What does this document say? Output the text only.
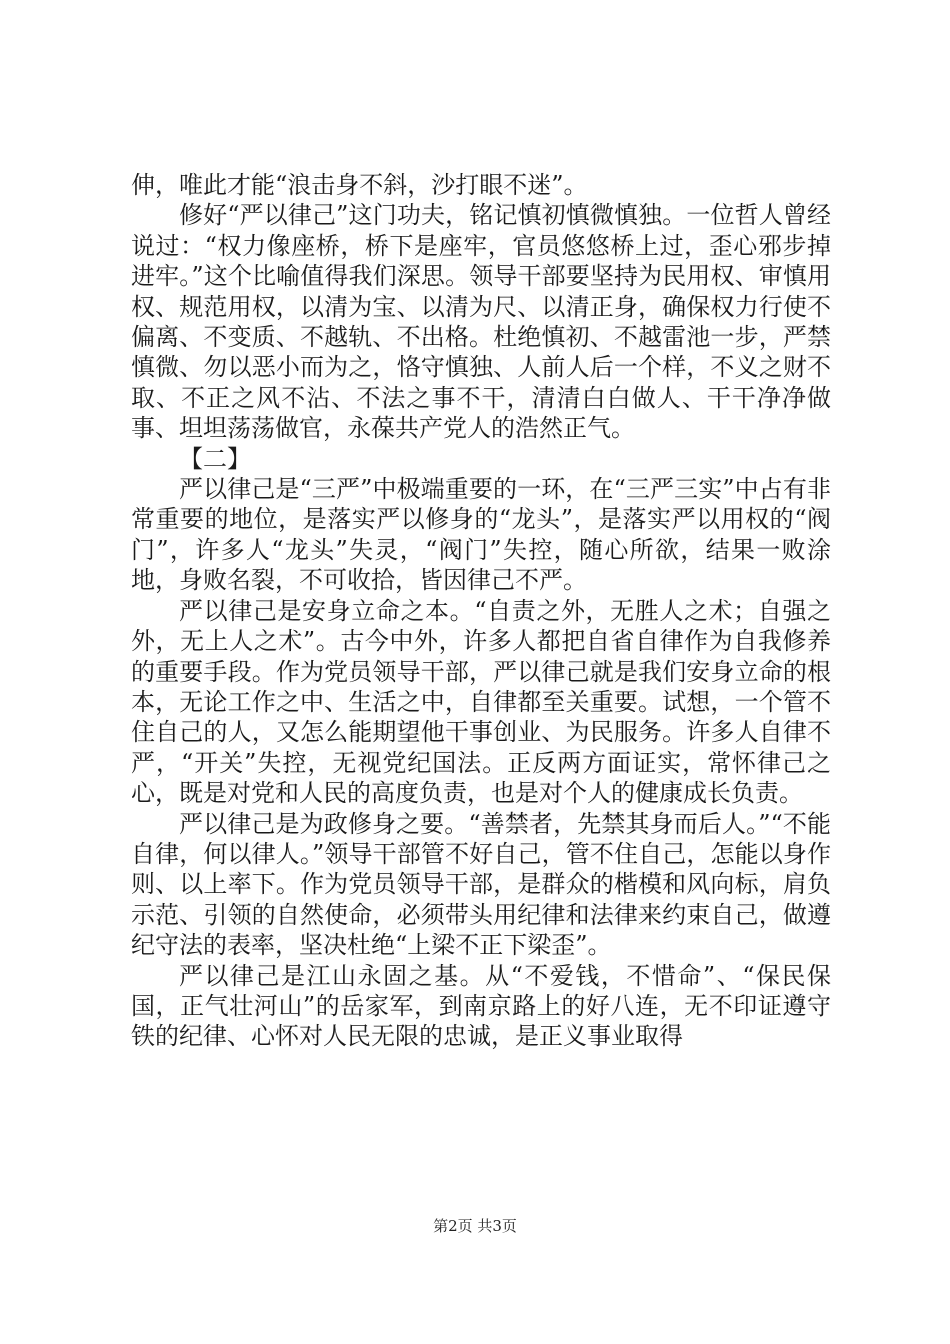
伸，唯此才能“浪击身不斜，沙打眼不迷”。

修好“严以律己”这门功夫，铭记慎初慎微慎独。一位哲人曾经说过：“权力像座桥，桥下是座牢，官员悠悠桥上过，歪心邪步掉进牢。”这个比喻值得我们深思。领导干部要坚持为民用权、审慎用权、规范用权，以清为宝、以清为尺、以清正身，确保权力行使不偏离、不变质、不越轨、不出格。杜绝慎初、不越雷池一步，严禁慎微、勿以恶小而为之，恪守慎独、人前人后一个样，不义之财不取、不正之风不沾、不法之事不干，清清白白做人、干干净净做事、坦坦荡荡做官，永葆共产党人的浩然正气。

【二】

严以律己是“三严”中极端重要的一环，在“三严三实”中占有非常重要的地位，是落实严以修身的“龙头”，是落实严以用权的“阀门”，许多人“龙头”失灵，“阀门”失控，随心所欲，结果一败涂地，身败名裂，不可收拾，皆因律己不严。

严以律己是安身立命之本。“自责之外，无胜人之术；自强之外，无上人之术”。古今中外，许多人都把自省自律作为自我修养的重要手段。作为党员领导干部，严以律己就是我们安身立命的根本，无论工作之中、生活之中，自律都至关重要。试想，一个管不住自己的人，又怎么能期望他干事创业、为民服务。许多人自律不严，“开关”失控，无视党纪国法。正反两方面证实，常怀律己之心，既是对党和人民的高度负责，也是对个人的健康成长负责。

严以律己是为政修身之要。“善禁者，先禁其身而后人。”“不能自律，何以律人。”领导干部管不好自己，管不住自己，怎能以身作则、以上率下。作为党员领导干部，是群众的楷模和风向标，肩负示范、引领的自然使命，必须带头用纪律和法律来约束自己，做遵纪守法的表率，坚决杜绝“上梁不正下梁歪”。

严以律己是江山永固之基。从“不爱钱，不惜命”、“保民保国，正气壮河山”的岳家军，到南京路上的好八连，无不印证遵守铁的纪律、心怀对人民无限的忠诚，是正义事业取得

第2页 共3页
